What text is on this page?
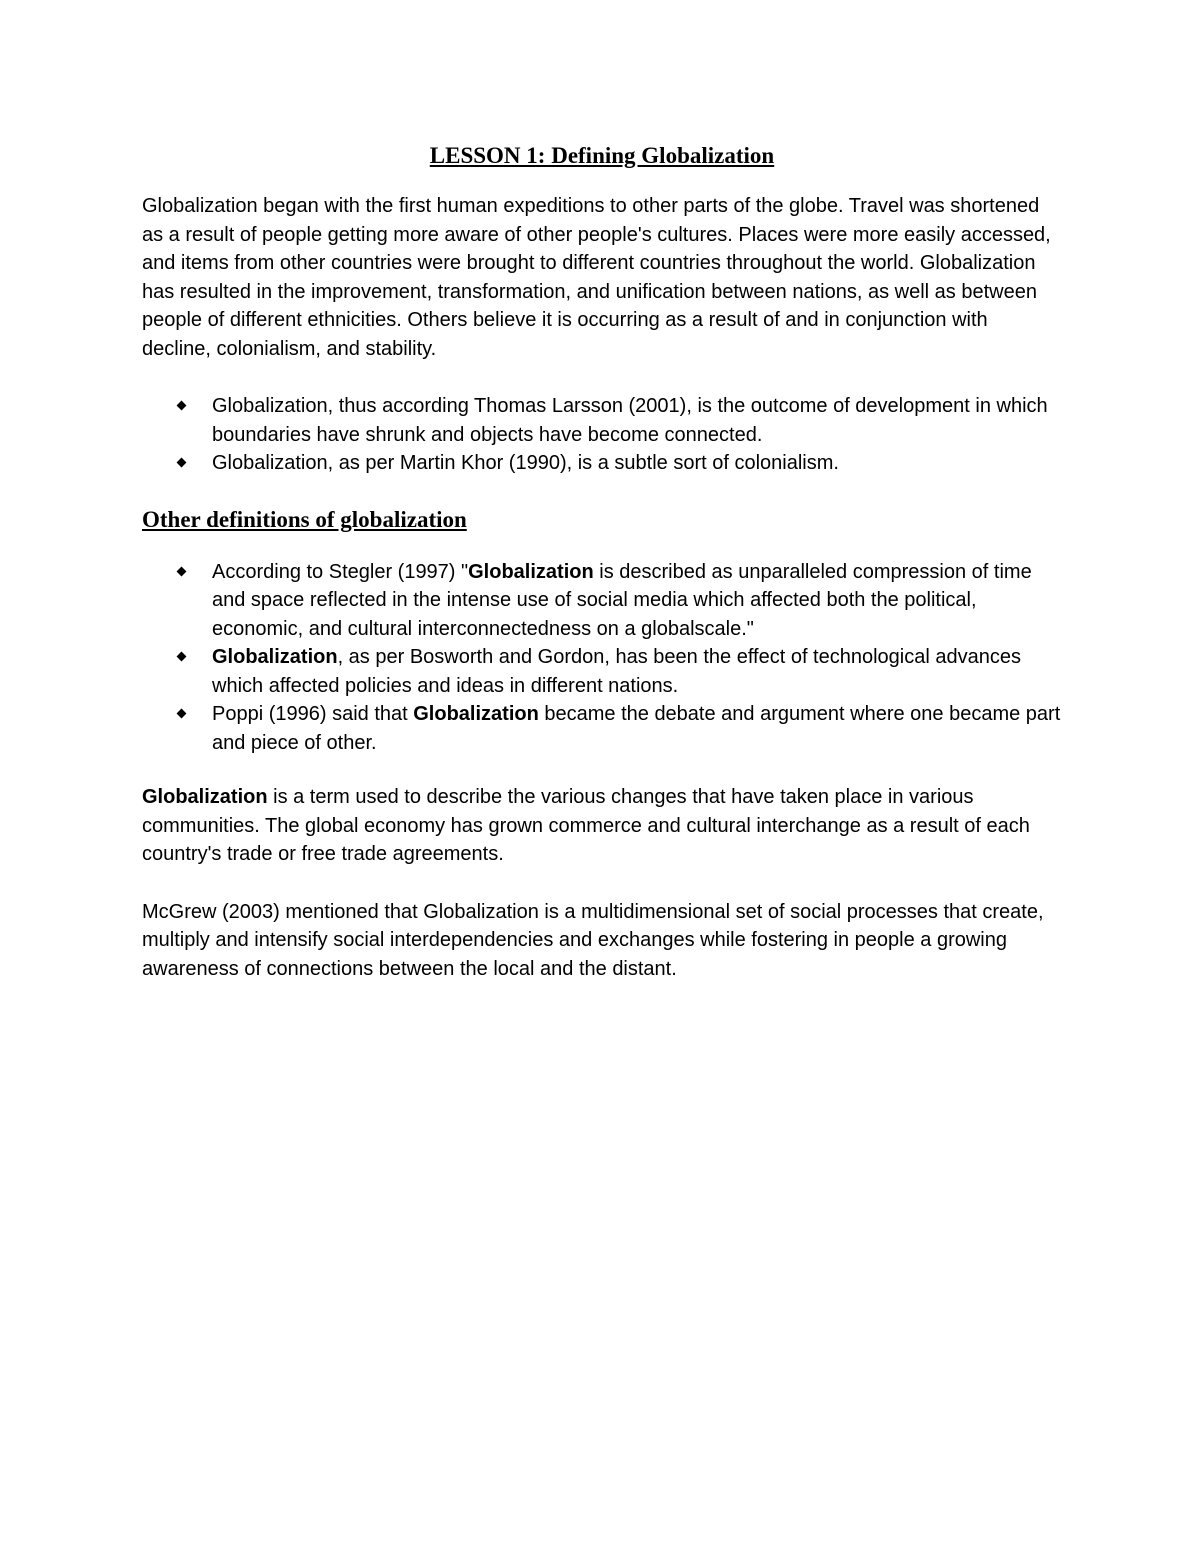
LESSON 1: Defining Globalization

Globalization began with the first human expeditions to other parts of the globe. Travel was shortened as a result of people getting more aware of other people's cultures. Places were more easily accessed, and items from other countries were brought to different countries throughout the world. Globalization has resulted in the improvement, transformation, and unification between nations, as well as between people of different ethnicities. Others believe it is occurring as a result of and in conjunction with decline, colonialism, and stability.

Globalization, thus according Thomas Larsson (2001), is the outcome of development in which boundaries have shrunk and objects have become connected.
Globalization, as per Martin Khor (1990), is a subtle sort of colonialism.
Other definitions of globalization
According to Stegler (1997) "Globalization is described as unparalleled compression of time and space reflected in the intense use of social media which affected both the political, economic, and cultural interconnectedness on a globalscale."
Globalization, as per Bosworth and Gordon, has been the effect of technological advances which affected policies and ideas in different nations.
Poppi (1996) said that Globalization became the debate and argument where one became part and piece of other.

Globalization is a term used to describe the various changes that have taken place in various communities. The global economy has grown commerce and cultural interchange as a result of each country's trade or free trade agreements.

McGrew (2003) mentioned that Globalization is a multidimensional set of social processes that create, multiply and intensify social interdependencies and exchanges while fostering in people a growing awareness of connections between the local and the distant.
